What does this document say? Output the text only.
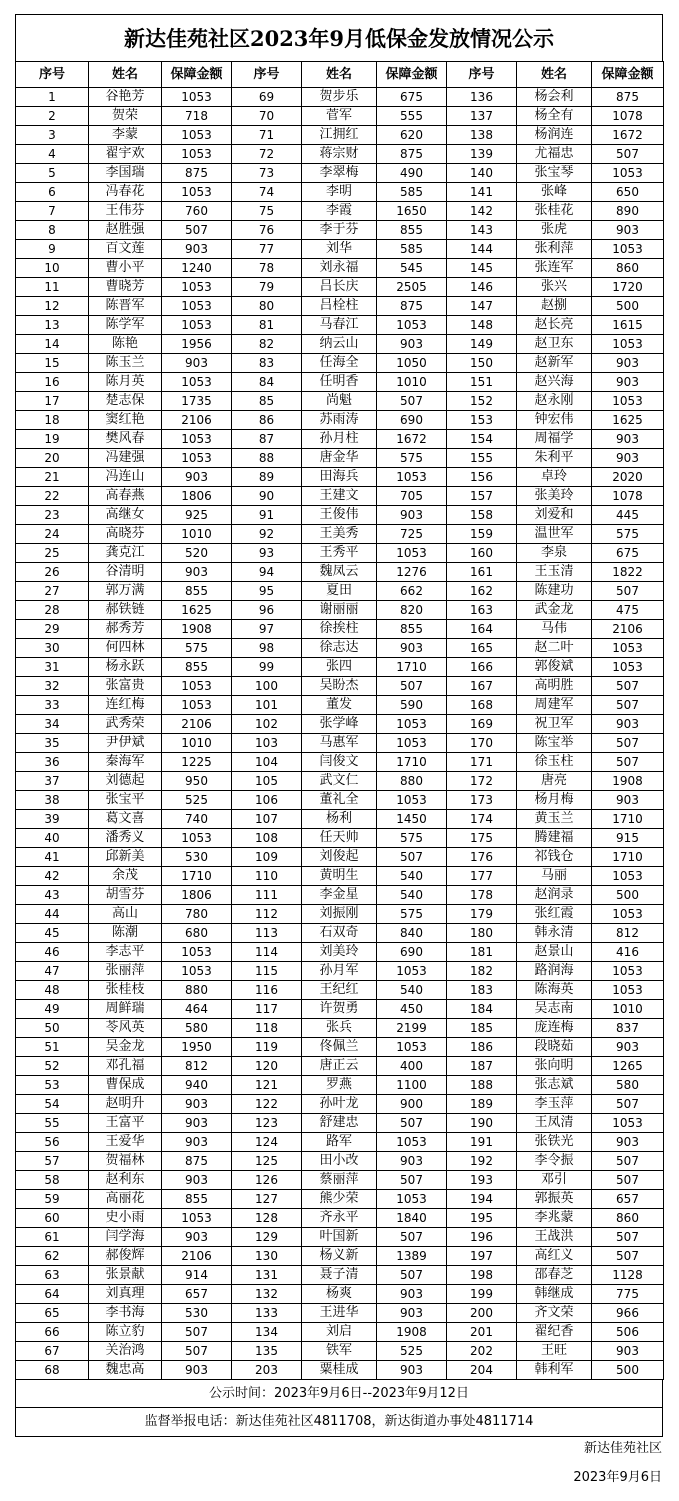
新达佳苑社区2023年9月低保金发放情况公示
序号	姓名	保障金额	序号	姓名	保障金额	序号	姓名	保障金额
1	谷艳芳	1053	69	贺步乐	675	136	杨会利	875
2	贺荣	718	70	菅军	555	137	杨全有	1078
3	李蒙	1053	71	江拥红	620	138	杨润连	1672
4	翟宇欢	1053	72	蒋宗财	875	139	尤福忠	507
5	李国瑞	875	73	李翠梅	490	140	张宝琴	1053
6	冯春花	1053	74	李明	585	141	张峰	650
7	王伟芬	760	75	李霞	1650	142	张桂花	890
8	赵胜强	507	76	李于芬	855	143	张虎	903
9	百文莲	903	77	刘华	585	144	张利萍	1053
10	曹小平	1240	78	刘永福	545	145	张连军	860
11	曹晓芳	1053	79	吕长庆	2505	146	张兴	1720
12	陈晋军	1053	80	吕栓柱	875	147	赵捌	500
13	陈学军	1053	81	马春江	1053	148	赵长亮	1615
14	陈艳	1956	82	纳云山	903	149	赵卫东	1053
15	陈玉兰	903	83	任海全	1050	150	赵新军	903
16	陈月英	1053	84	任明香	1010	151	赵兴海	903
17	楚志保	1735	85	尚魁	507	152	赵永刚	1053
18	窦红艳	2106	86	苏雨涛	690	153	钟宏伟	1625
19	樊风春	1053	87	孙月柱	1672	154	周福学	903
20	冯建强	1053	88	唐金华	575	155	朱利平	903
21	冯连山	903	89	田海兵	1053	156	卓玲	2020
22	高春燕	1806	90	王建文	705	157	张美玲	1078
23	高继女	925	91	王俊伟	903	158	刘爱和	445
24	高晓芬	1010	92	王美秀	725	159	温世军	575
25	龚克江	520	93	王秀平	1053	160	李泉	675
26	谷清明	903	94	魏凤云	1276	161	王玉清	1822
27	郭万满	855	95	夏田	662	162	陈建功	507
28	郝铁链	1625	96	谢丽丽	820	163	武金龙	475
29	郝秀芳	1908	97	徐挨柱	855	164	马伟	2106
30	何四林	575	98	徐志达	903	165	赵二叶	1053
31	杨永跃	855	99	张四	1710	166	郭俊斌	1053
32	张富贵	1053	100	吴盼杰	507	167	高明胜	507
33	连红梅	1053	101	董发	590	168	周建军	507
34	武秀荣	2106	102	张学峰	1053	169	祝卫军	903
35	尹伊斌	1010	103	马惠军	1053	170	陈宝举	507
36	秦海军	1225	104	闫俊文	1710	171	徐玉柱	507
37	刘德起	950	105	武文仁	880	172	唐亮	1908
38	张宝平	525	106	董礼全	1053	173	杨月梅	903
39	葛文喜	740	107	杨利	1450	174	黄玉兰	1710
40	潘秀义	1053	108	任天帅	575	175	腾建福	915
41	邱新美	530	109	刘俊起	507	176	祁钱仓	1710
42	余茂	1710	110	黄明生	540	177	马丽	1053
43	胡雪芬	1806	111	李金星	540	178	赵润录	500
44	高山	780	112	刘振刚	575	179	张红霞	1053
45	陈潮	680	113	石双奇	840	180	韩永清	812
46	李志平	1053	114	刘美玲	690	181	赵景山	416
47	张丽萍	1053	115	孙月军	1053	182	路润海	1053
48	张桂枝	880	116	王纪红	540	183	陈海英	1053
49	周鲜瑞	464	117	许贺勇	450	184	吴志南	1010
50	苓风英	580	118	张兵	2199	185	庞连梅	837
51	吴金龙	1950	119	佟佩兰	1053	186	段晓茹	903
52	邓孔福	812	120	唐正云	400	187	张向明	1265
53	曹保成	940	121	罗燕	1100	188	张志斌	580
54	赵明升	903	122	孙叶龙	900	189	李玉萍	507
55	王富平	903	123	舒建忠	507	190	王凤清	1053
56	王爱华	903	124	路军	1053	191	张铁光	903
57	贺福林	875	125	田小改	903	192	李令振	507
58	赵利东	903	126	蔡丽萍	507	193	邓引	507
59	高丽花	855	127	熊少荣	1053	194	郭振英	657
60	史小雨	1053	128	齐永平	1840	195	李兆蒙	860
61	闫学海	903	129	叶国新	507	196	王战洪	507
62	郝俊辉	2106	130	杨义新	1389	197	高红义	507
63	张景献	914	131	聂子清	507	198	邵春芝	1128
64	刘真理	657	132	杨爽	903	199	韩继成	775
65	李书海	530	133	王进华	903	200	齐文荣	966
66	陈立豹	507	134	刘启	1908	201	翟纪香	506
67	关治鸿	507	135	铁军	525	202	王旺	903
68	魏忠高	903	203	粟桂成	903	204	韩利军	500
公示时间：2023年9月6日--2023年9月12日
监督举报电话：新达佳苑社区4811708，新达街道办事处4811714
新达佳苑社区
2023年9月6日
